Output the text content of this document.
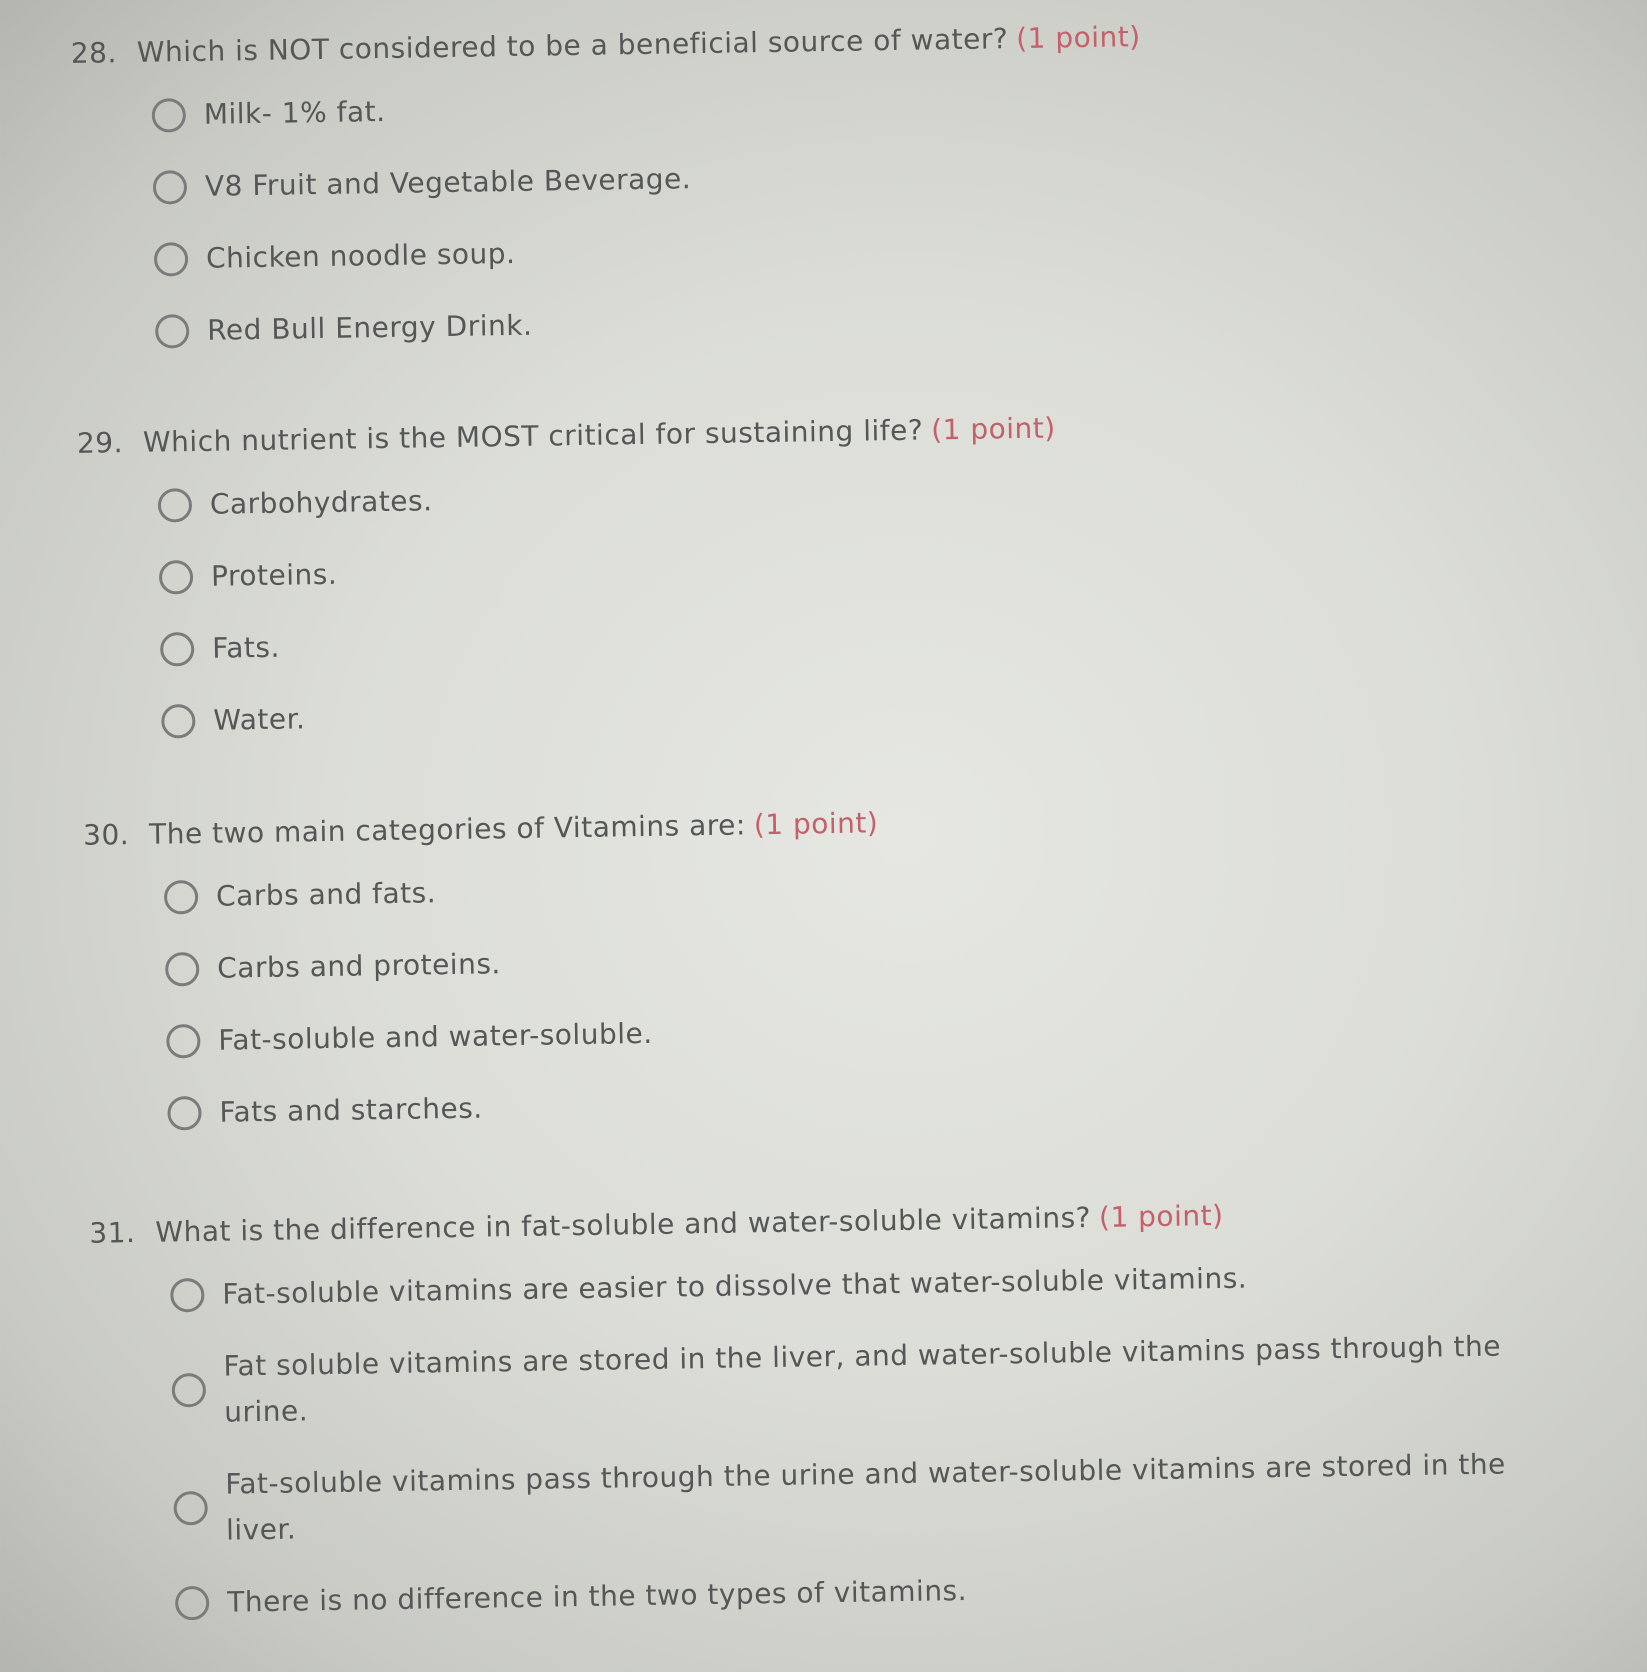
28. Which is NOT considered to be a beneficial source of water? (1 point)
Milk- 1% fat.
V8 Fruit and Vegetable Beverage.
Chicken noodle soup.
Red Bull Energy Drink.
29. Which nutrient is the MOST critical for sustaining life? (1 point)
Carbohydrates.
Proteins.
Fats.
Water.
30. The two main categories of Vitamins are: (1 point)
Carbs and fats.
Carbs and proteins.
Fat-soluble and water-soluble.
Fats and starches.
31. What is the difference in fat-soluble and water-soluble vitamins? (1 point)
Fat-soluble vitamins are easier to dissolve that water-soluble vitamins.
Fat soluble vitamins are stored in the liver, and water-soluble vitamins pass through the urine.
Fat-soluble vitamins pass through the urine and water-soluble vitamins are stored in the liver.
There is no difference in the two types of vitamins.
